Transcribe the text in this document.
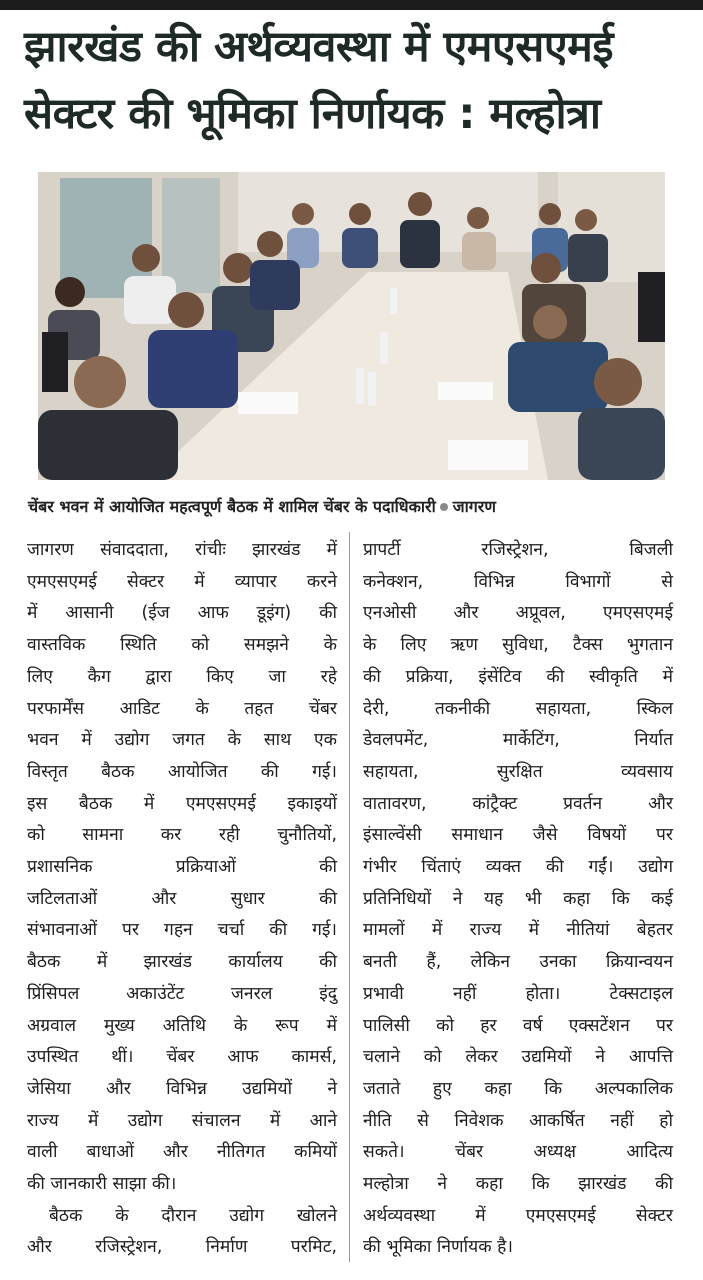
झारखंड की अर्थव्यवस्था में एमएसएमई
सेक्टर की भूमिका निर्णायक : मल्होत्रा
चेंबर भवन में आयोजित महत्वपूर्ण बैठक में शामिल चेंबर के पदाधिकारी जागरण
जागरण संवाददाता, रांचीः झारखंड में
एमएसएमई सेक्टर में व्यापार करने
में आसानी (ईज आफ डूइंग) की
वास्तविक स्थिति को समझने के
लिए कैग द्वारा किए जा रहे
परफार्मेंस आडिट के तहत चेंबर
भवन में उद्योग जगत के साथ एक
विस्तृत बैठक आयोजित की गई।
इस बैठक में एमएसएमई इकाइयों
को सामना कर रही चुनौतियों,
प्रशासनिक प्रक्रियाओं की
जटिलताओं और सुधार की
संभावनाओं पर गहन चर्चा की गई।
बैठक में झारखंड कार्यालय की
प्रिंसिपल अकाउंटेंट जनरल इंदु
अग्रवाल मुख्य अतिथि के रूप में
उपस्थित थीं। चेंबर आफ कामर्स,
जेसिया और विभिन्न उद्यमियों ने
राज्य में उद्योग संचालन में आने
वाली बाधाओं और नीतिगत कमियों
की जानकारी साझा की।
बैठक के दौरान उद्योग खोलने
और रजिस्ट्रेशन, निर्माण परमिट,
प्रापर्टी रजिस्ट्रेशन, बिजली
कनेक्शन, विभिन्न विभागों से
एनओसी और अप्रूवल, एमएसएमई
के लिए ऋण सुविधा, टैक्स भुगतान
की प्रक्रिया, इंसेंटिव की स्वीकृति में
देरी, तकनीकी सहायता, स्किल
डेवलपमेंट, मार्केटिंग, निर्यात
सहायता, सुरक्षित व्यवसाय
वातावरण, कांट्रैक्ट प्रवर्तन और
इंसाल्वेंसी समाधान जैसे विषयों पर
गंभीर चिंताएं व्यक्त की गईं। उद्योग
प्रतिनिधियों ने यह भी कहा कि कई
मामलों में राज्य में नीतियां बेहतर
बनती हैं, लेकिन उनका क्रियान्वयन
प्रभावी नहीं होता। टेक्सटाइल
पालिसी को हर वर्ष एक्सटेंशन पर
चलाने को लेकर उद्यमियों ने आपत्ति
जताते हुए कहा कि अल्पकालिक
नीति से निवेशक आकर्षित नहीं हो
सकते। चेंबर अध्यक्ष आदित्य
मल्होत्रा ने कहा कि झारखंड की
अर्थव्यवस्था में एमएसएमई सेक्टर
की भूमिका निर्णायक है।
